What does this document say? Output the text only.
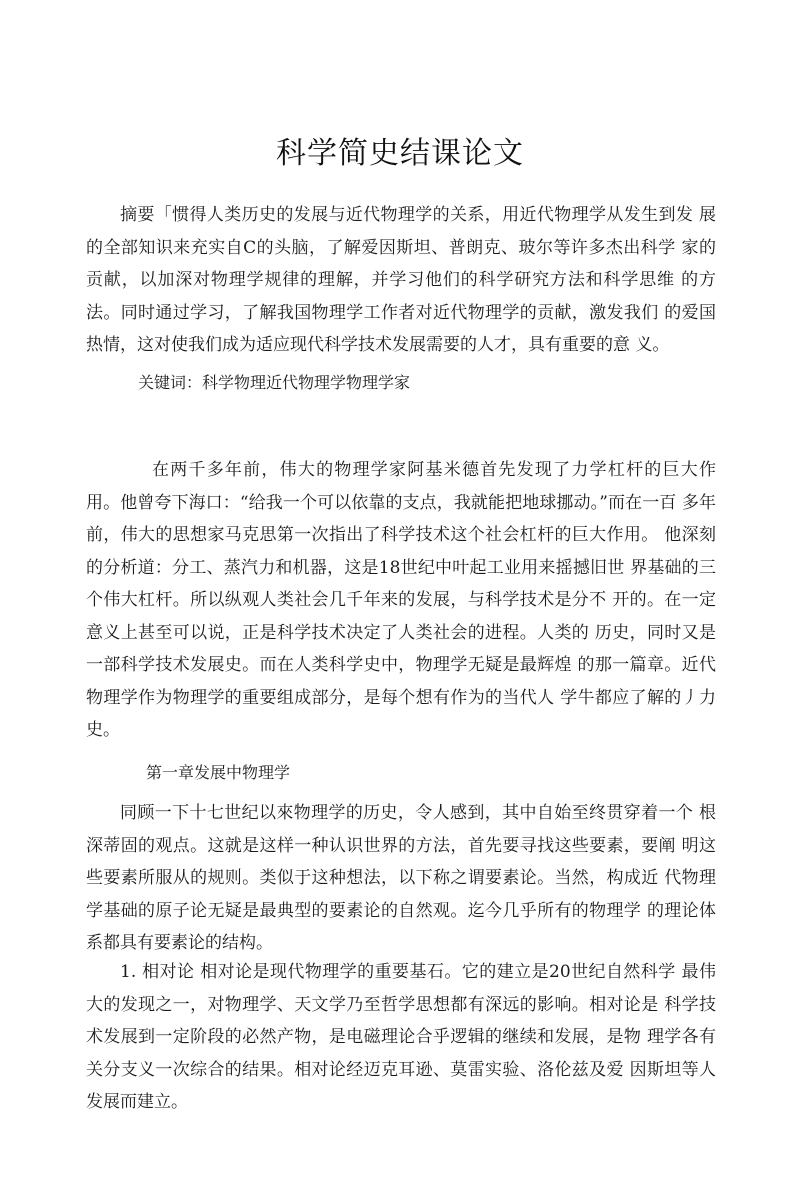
科学简史结课论文

摘要「惯得人类历史的发展与近代物理学的关系，用近代物理学从发生到发 展的全部知识来充实自C的头脑，了解爱因斯坦、普朗克、玻尔等许多杰出科学 家的贡献，以加深对物理学规律的理解，并学习他们的科学研究方法和科学思维 的方法。同时通过学习，了解我国物理学工作者对近代物理学的贡献，激发我们 的爱国热情，这对使我们成为适应现代科学技术发展需要的人才，具有重要的意 义。

关键词：科学物理近代物理学物理学家

在两千多年前，伟大的物理学家阿基米德首先发现了力学杠杆的巨大作 用。他曾夸下海口：“给我一个可以依靠的支点，我就能把地球挪动。”而在一百 多年前，伟大的思想家马克思第一次指出了科学技术这个社会杠杆的巨大作用。 他深刻的分析道：分工、蒸汽力和机器，这是18世纪中叶起工业用来摇撼旧世 界基础的三个伟大杠杆。所以纵观人类社会几千年来的发展，与科学技术是分不 开的。在一定意义上甚至可以说，正是科学技术决定了人类社会的进程。人类的 历史，同时又是一部科学技术发展史。而在人类科学史中，物理学无疑是最辉煌 的那一篇章。近代物理学作为物理学的重要组成部分，是每个想有作为的当代人 学牛都应了解的丿力史。

第一章发展中物理学

同顾一下十七世纪以來物理学的历史，令人感到，其中自始至终贯穿着一个 根深蒂固的观点。这就是这样一种认识世界的方法，首先要寻找这些要素，要阐 明这些要素所服从的规则。类似于这种想法，以下称之谓要素论。当然，构成近 代物理学基础的原子论无疑是最典型的要素论的自然观。迄今几乎所有的物理学 的理论体系都具有要素论的结构。

1. 相对论 相对论是现代物理学的重要基石。它的建立是20世纪自然科学 最伟大的发现之一，对物理学、天文学乃至哲学思想都有深远的影响。相对论是 科学技术发展到一定阶段的必然产物，是电磁理论合乎逻辑的继续和发展，是物 理学各有关分支义一次综合的结果。相对论经迈克耳逊、莫雷实验、洛伦兹及爱 因斯坦等人发展而建立。
